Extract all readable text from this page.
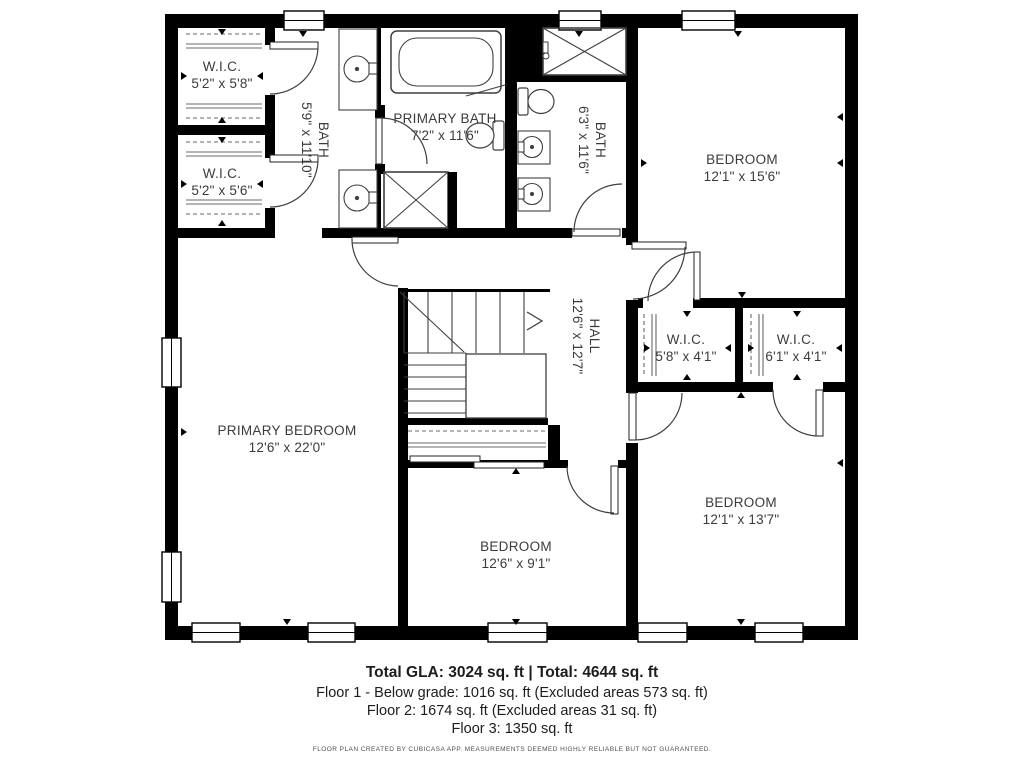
W.I.C.
5'2" x 5'8"
W.I.C.
5'2" x 5'6"
BATH
5'9" x 11'10"	PRIMARY BATH
7'2" x 11'6"	BATH
6'3" x 11'6"	BEDROOM
12'1" x 15'6"
HALL
12'6" x 12'7"	W.I.C.
5'8" x 4'1"
W.I.C.
6'1" x 4'1"
PRIMARY BEDROOM
12'6" x 22'0"
BEDROOM
12'6" x 9'1"
BEDROOM
12'1" x 13'7"
Total GLA: 3024 sq. ft | Total: 4644 sq. ft
Floor 1 - Below grade: 1016 sq. ft (Excluded areas 573 sq. ft)
Floor 2: 1674 sq. ft (Excluded areas 31 sq. ft)
Floor 3: 1350 sq. ft
FLOOR PLAN CREATED BY CUBICASA APP. MEASUREMENTS DEEMED HIGHLY RELIABLE BUT NOT GUARANTEED.
